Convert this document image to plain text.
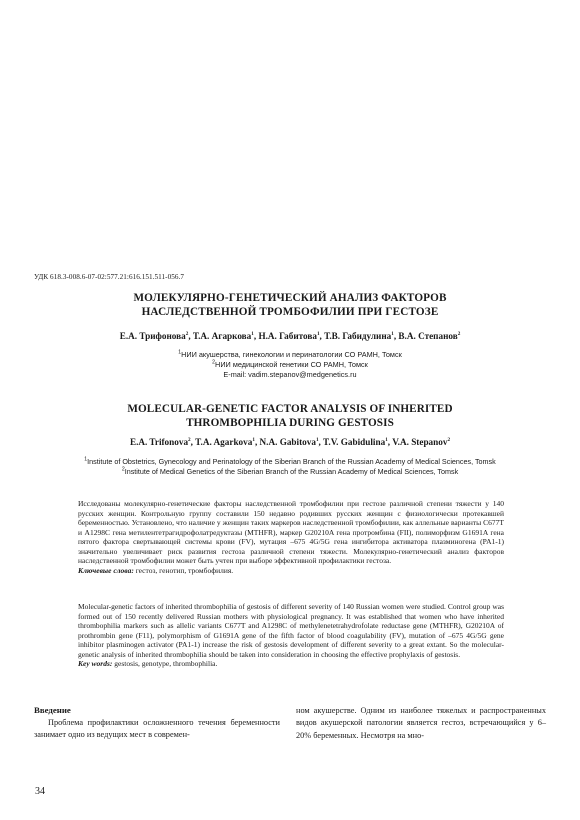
УДК 618.3-008.6-07-02:577.21:616.151.511-056.7
МОЛЕКУЛЯРНО-ГЕНЕТИЧЕСКИЙ АНАЛИЗ ФАКТОРОВ
НАСЛЕДСТВЕННОЙ ТРОМБОФИЛИИ ПРИ ГЕСТОЗЕ
Е.А. Трифонова$^2$, Т.А. Агаркова$^1$, Н.А. Габитова$^1$, Т.В. Габидулина$^1$, В.А. Степанов$^2$
$^1$НИИ акушерства, гинекологии и перинатологии СО РАМН, Томск
$^2$НИИ медицинской генетики СО РАМН, Томск
E-mail: vadim.stepanov@medgenetics.ru
MOLECULAR-GENETIC FACTOR ANALYSIS OF INHERITED
THROMBOPHILIA DURING GESTOSIS
E.A. Trifonova$^2$, T.A. Agarkova$^1$, N.A. Gabitova$^1$, T.V. Gabidulina$^1$, V.A. Stepanov$^2$
$^1$Institute of Obstetrics, Gynecology and Perinatology of the Siberian Branch of the Russian Academy of Medical Sciences, Tomsk
$^2$Institute of Medical Genetics of the Siberian Branch of the Russian Academy of Medical Sciences, Tomsk
Исследованы молекулярно-генетические факторы наследственной тромбофилии при гестозе различной степени тяжести у 140 русских женщин. Контрольную группу составили 150 недавно родивших русских женщин с физиологически протекавшей беременностью. Установлено, что наличие у женщин таких маркеров наследственной тромбофилии, как аллельные варианты C677T и A1298C гена метилентетрагидрофолатредуктазы (MTHFR), маркер G20210A гена протромбина (FII), полиморфизм G1691A гена пятого фактора свертывающей системы крови (FV), мутация –675 4G/5G гена ингибитора активатора плазминогена (PA1-1) значительно увеличивает риск развития гестоза различной степени тяжести. Молекулярно-генетический анализ факторов наследственной тромбофилии может быть учтен при выборе эффективной профилактики гестоза.
Ключевые слова: гестоз, генотип, тромбофилия.
Molecular-genetic factors of inherited thrombophilia of gestosis of different severity of 140 Russian women were studied. Control group was formed out of 150 recently delivered Russian mothers with physiological pregnancy. It was established that women who have inherited thrombophilia markers such as allelic variants C677T and A1298C of methylenetetrahydrofolate reductase gene (MTHFR), G20210A of prothrombin gene (F11), polymorphism of G1691A gene of the fifth factor of blood coagulability (FV), mutation of –675 4G/5G gene inhibitor plasminogen activator (PA1-1) increase the risk of gestosis development of different severity to a great extant. So the molecular-genetic analysis of inherited thrombophilia should be taken into consideration in choosing the effective prophylaxis of gestosis.
Key words: gestosis, genotype, thrombophilia.
Введение
Проблема профилактики осложненного течения беременности занимает одно из ведущих мест в современ-
ном акушерстве. Одним из наиболее тяжелых и распространенных видов акушерской патологии является гестоз, встречающийся у 6–20% беременных. Несмотря на мно-
34
